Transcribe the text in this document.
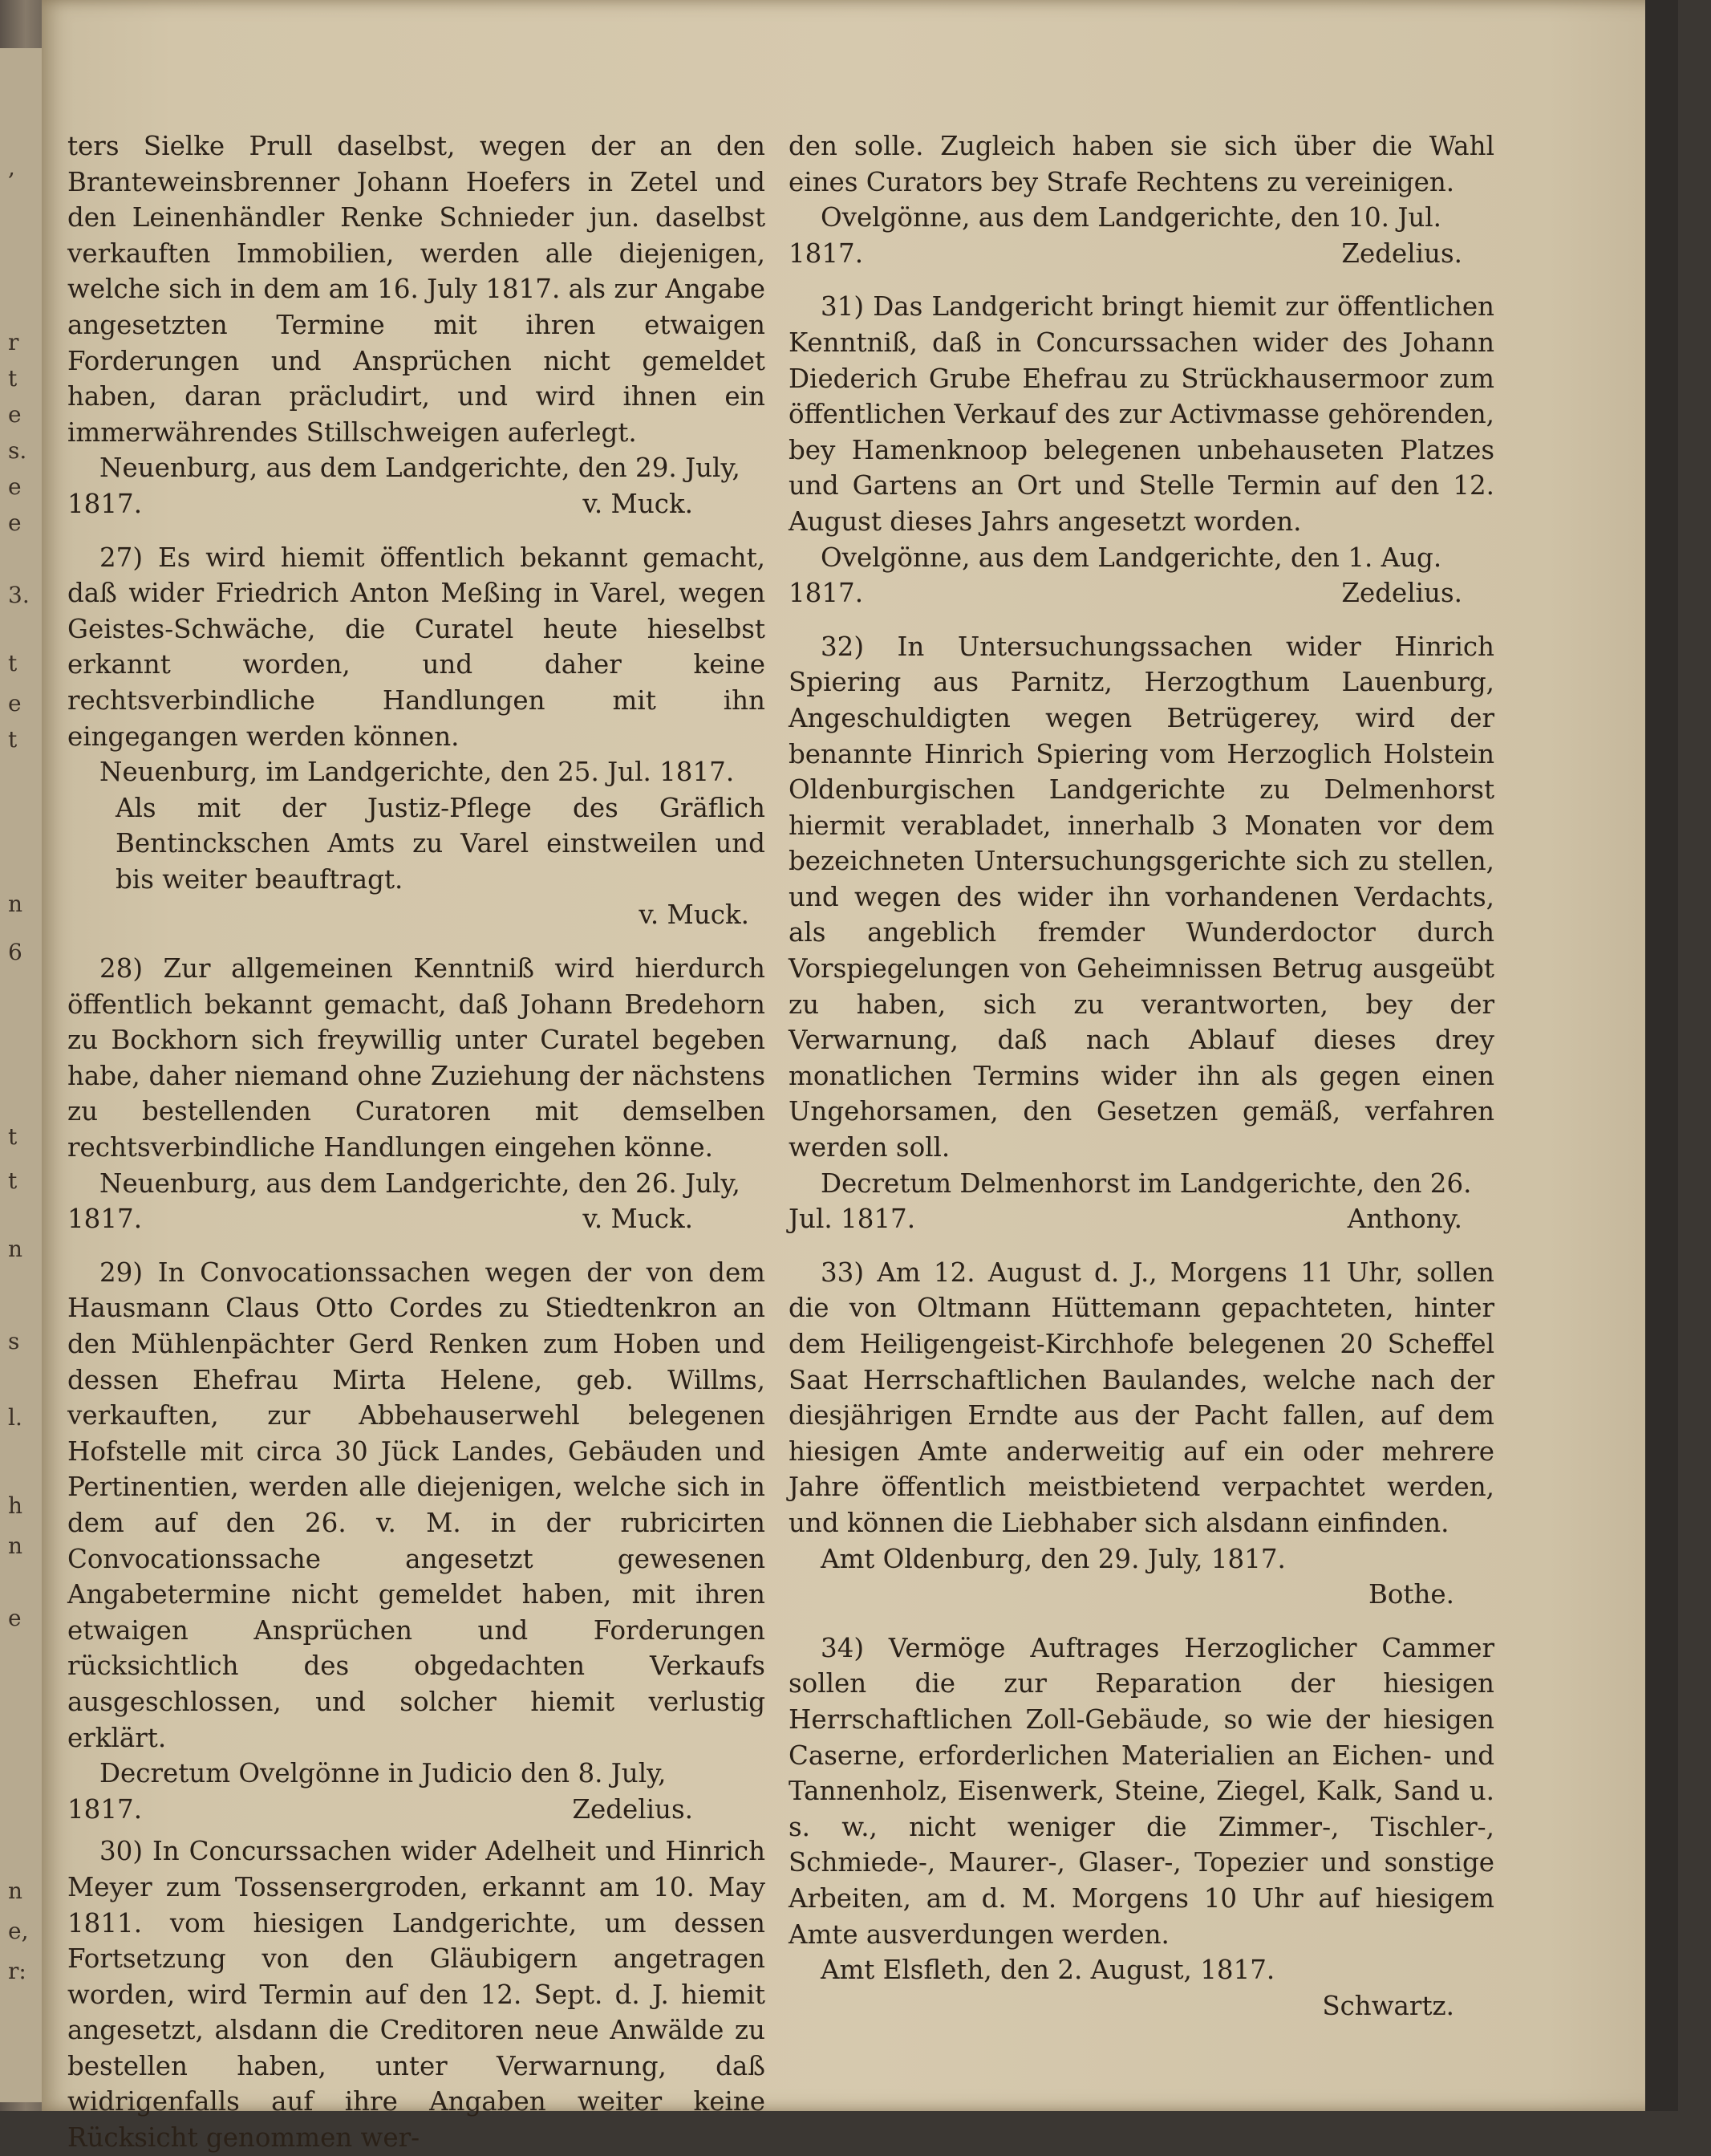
,
r
t
e
s.
e
e
3.
t
e
t
n
6
t
t
n
s
l.
h
n
e
n
e,
r:

ters Sielke Prull daselbst, wegen der an den Branteweinsbrenner Johann Hoefers in Zetel und den Leinenhändler Renke Schnieder jun. daselbst verkauften Immobilien, werden alle diejenigen, welche sich in dem am 16. July 1817. als zur Angabe angesetzten Termine mit ihren etwaigen Forderungen und Ansprüchen nicht gemeldet haben, daran präcludirt, und wird ihnen ein immerwährendes Stillschweigen auferlegt.

Neuenburg, aus dem Landgerichte, den 29. July,

1817.	v. Muck.

27) Es wird hiemit öffentlich bekannt gemacht, daß wider Friedrich Anton Meßing in Varel, wegen Geistes-Schwäche, die Curatel heute hieselbst erkannt worden, und daher keine rechtsverbindliche Handlungen mit ihn eingegangen werden können.

Neuenburg, im Landgerichte, den 25. Jul. 1817.

Als mit der Justiz-Pflege des Gräflich Bentinckschen Amts zu Varel einstweilen und bis weiter beauftragt.

v. Muck.

28) Zur allgemeinen Kenntniß wird hierdurch öffentlich bekannt gemacht, daß Johann Bredehorn zu Bockhorn sich freywillig unter Curatel begeben habe, daher niemand ohne Zuziehung der nächstens zu bestellenden Curatoren mit demselben rechtsverbindliche Handlungen eingehen könne.

Neuenburg, aus dem Landgerichte, den 26. July,

1817.	v. Muck.

29) In Convocationssachen wegen der von dem Hausmann Claus Otto Cordes zu Stiedtenkron an den Mühlenpächter Gerd Renken zum Hoben und dessen Ehefrau Mirta Helene, geb. Willms, verkauften, zur Abbehauserwehl belegenen Hofstelle mit circa 30 Jück Landes, Gebäuden und Pertinentien, werden alle diejenigen, welche sich in dem auf den 26. v. M. in der rubricirten Convocationssache angesetzt gewesenen Angabetermine nicht gemeldet haben, mit ihren etwaigen Ansprüchen und Forderungen rücksichtlich des obgedachten Verkaufs ausgeschlossen, und solcher hiemit verlustig erklärt.

Decretum Ovelgönne in Judicio den 8. July,

1817.	Zedelius.

30) In Concurssachen wider Adelheit und Hinrich Meyer zum Tossensergroden, erkannt am 10. May 1811. vom hiesigen Landgerichte, um dessen Fortsetzung von den Gläubigern angetragen worden, wird Termin auf den 12. Sept. d. J. hiemit angesetzt, alsdann die Creditoren neue Anwälde zu bestellen haben, unter Verwarnung, daß widrigenfalls auf ihre Angaben weiter keine Rücksicht genommen wer-

den solle. Zugleich haben sie sich über die Wahl eines Curators bey Strafe Rechtens zu vereinigen.

Ovelgönne, aus dem Landgerichte, den 10. Jul.

1817.	Zedelius.

31) Das Landgericht bringt hiemit zur öffentlichen Kenntniß, daß in Concurssachen wider des Johann Diederich Grube Ehefrau zu Strückhausermoor zum öffentlichen Verkauf des zur Activmasse gehörenden, bey Hamenknoop belegenen unbehauseten Platzes und Gartens an Ort und Stelle Termin auf den 12. August dieses Jahrs angesetzt worden.

Ovelgönne, aus dem Landgerichte, den 1. Aug.

1817.	Zedelius.

32) In Untersuchungssachen wider Hinrich Spiering aus Parnitz, Herzogthum Lauenburg, Angeschuldigten wegen Betrügerey, wird der benannte Hinrich Spiering vom Herzoglich Holstein Oldenburgischen Landgerichte zu Delmenhorst hiermit verabladet, innerhalb 3 Monaten vor dem bezeichneten Untersuchungsgerichte sich zu stellen, und wegen des wider ihn vorhandenen Verdachts, als angeblich fremder Wunderdoctor durch Vorspiegelungen von Geheimnissen Betrug ausgeübt zu haben, sich zu verantworten, bey der Verwarnung, daß nach Ablauf dieses drey monatlichen Termins wider ihn als gegen einen Ungehorsamen, den Gesetzen gemäß, verfahren werden soll.

Decretum Delmenhorst im Landgerichte, den 26.

Jul. 1817.	Anthony.

33) Am 12. August d. J., Morgens 11 Uhr, sollen die von Oltmann Hüttemann gepachteten, hinter dem Heiligengeist-Kirchhofe belegenen 20 Scheffel Saat Herrschaftlichen Baulandes, welche nach der diesjährigen Erndte aus der Pacht fallen, auf dem hiesigen Amte anderweitig auf ein oder mehrere Jahre öffentlich meistbietend verpachtet werden, und können die Liebhaber sich alsdann einfinden.

Amt Oldenburg, den 29. July, 1817.

Bothe.

34) Vermöge Auftrages Herzoglicher Cammer sollen die zur Reparation der hiesigen Herrschaftlichen Zoll-Gebäude, so wie der hiesigen Caserne, erforderlichen Materialien an Eichen- und Tannenholz, Eisenwerk, Steine, Ziegel, Kalk, Sand u. s. w., nicht weniger die Zimmer-, Tischler-, Schmiede-, Maurer-, Glaser-, Topezier und sonstige Arbeiten, am d. M. Morgens 10 Uhr auf hiesigem Amte ausverdungen werden.

Amt Elsfleth, den 2. August, 1817.

Schwartz.
